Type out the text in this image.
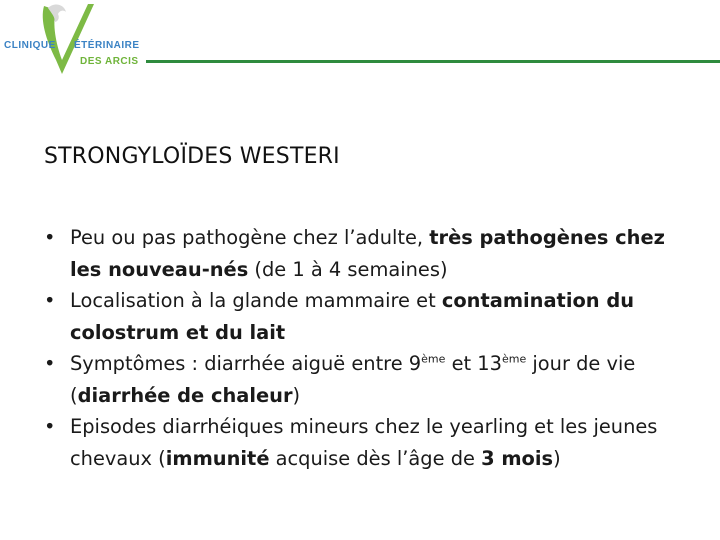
CLINIQUE ÉTÉRINAIRE
DES ARCIS
STRONGYLOÏDES WESTERI
• Peu ou pas pathogène chez l’adulte, très pathogènes chez les nouveau-nés (de 1 à 4 semaines)
• Localisation à la glande mammaire et contamination du colostrum et du lait
• Symptômes : diarrhée aiguë entre 9ème et 13ème jour de vie (diarrhée de chaleur)
• Episodes diarrhéiques mineurs chez le yearling et les jeunes chevaux (immunité acquise dès l’âge de 3 mois)
